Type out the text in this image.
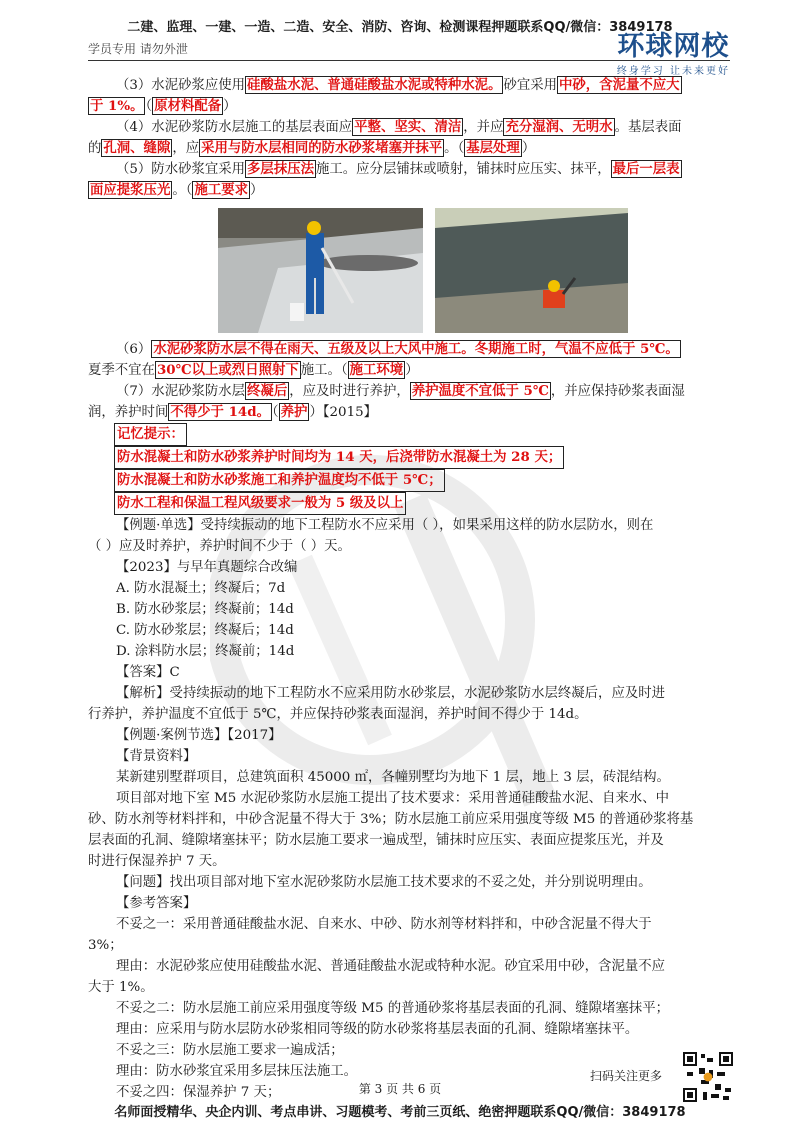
二建、监理、一建、一造、二造、安全、消防、咨询、检测课程押题联系QQ/微信：3849178
学员专用 请勿外泄	环球网校
终身学习 让未来更好

（3）水泥砂浆应使用 硅酸盐水泥、普通硅酸盐水泥或特种水泥。 砂宜采用 中砂，含泥量不应大
于 1%。 （ 原材料配备 ）

（4）水泥砂浆防水层施工的基层表面应 平整、坚实、清洁 ，并应 充分湿润、无明水 。基层表面
的 孔洞、缝隙 ，应 采用与防水层相同的防水砂浆堵塞并抹平 。（ 基层处理 ）

（5）防水砂浆宜采用 多层抹压法 施工。应分层铺抹或喷射，铺抹时应压实、抹平， 最后一层表
面应提浆压光 。（ 施工要求 ）

（6） 水泥砂浆防水层不得在雨天、五级及以上大风中施工。冬期施工时，气温不应低于 5℃。
夏季不宜在 30℃以上或烈日照射下 施工。（ 施工环境 ）

（7）水泥砂浆防水层 终凝后 ，应及时进行养护， 养护温度不宜低于 5℃ ，并应保持砂浆表面湿
润，养护时间 不得少于 14d。 （ 养护 ）【2015】

记忆提示：
防水混凝土和防水砂浆养护时间均为 14 天，后浇带防水混凝土为 28 天；
防水混凝土和防水砂浆施工和养护温度均不低于 5℃；
防水工程和保温工程风级要求一般为 5 级及以上

【例题·单选】受持续振动的地下工程防水不应采用（ ），如果采用这样的防水层防水，则在

（ ）应及时养护，养护时间不少于（ ）天。

【2023】与早年真题综合改编

A. 防水混凝土；终凝后；7d

B. 防水砂浆层；终凝前；14d

C. 防水砂浆层；终凝后；14d

D. 涂料防水层；终凝前；14d

【答案】C

【解析】受持续振动的地下工程防水不应采用防水砂浆层，水泥砂浆防水层终凝后，应及时进

行养护，养护温度不宜低于 5℃，并应保持砂浆表面湿润，养护时间不得少于 14d。

【例题·案例节选】【2017】

【背景资料】

某新建别墅群项目，总建筑面积 45000 ㎡，各幢别墅均为地下 1 层，地上 3 层，砖混结构。

项目部对地下室 M5 水泥砂浆防水层施工提出了技术要求：采用普通硅酸盐水泥、自来水、中

砂、防水剂等材料拌和，中砂含泥量不得大于 3%；防水层施工前应采用强度等级 M5 的普通砂浆将基

层表面的孔洞、缝隙堵塞抹平；防水层施工要求一遍成型，铺抹时应压实、表面应提浆压光，并及

时进行保湿养护 7 天。

【问题】找出项目部对地下室水泥砂浆防水层施工技术要求的不妥之处，并分别说明理由。

【参考答案】

不妥之一：采用普通硅酸盐水泥、自来水、中砂、防水剂等材料拌和，中砂含泥量不得大于

3%；

理由：水泥砂浆应使用硅酸盐水泥、普通硅酸盐水泥或特种水泥。砂宜采用中砂，含泥量不应

大于 1%。

不妥之二：防水层施工前应采用强度等级 M5 的普通砂浆将基层表面的孔洞、缝隙堵塞抹平；

理由：应采用与防水层防水砂浆相同等级的防水砂浆将基层表面的孔洞、缝隙堵塞抹平。

不妥之三：防水层施工要求一遍成活；

理由：防水砂浆宜采用多层抹压法施工。

不妥之四：保湿养护 7 天；

扫码关注更多
第 3 页 共 6 页
名师面授精华、央企内训、考点串讲、习题模考、考前三页纸、绝密押题联系QQ/微信：3849178
